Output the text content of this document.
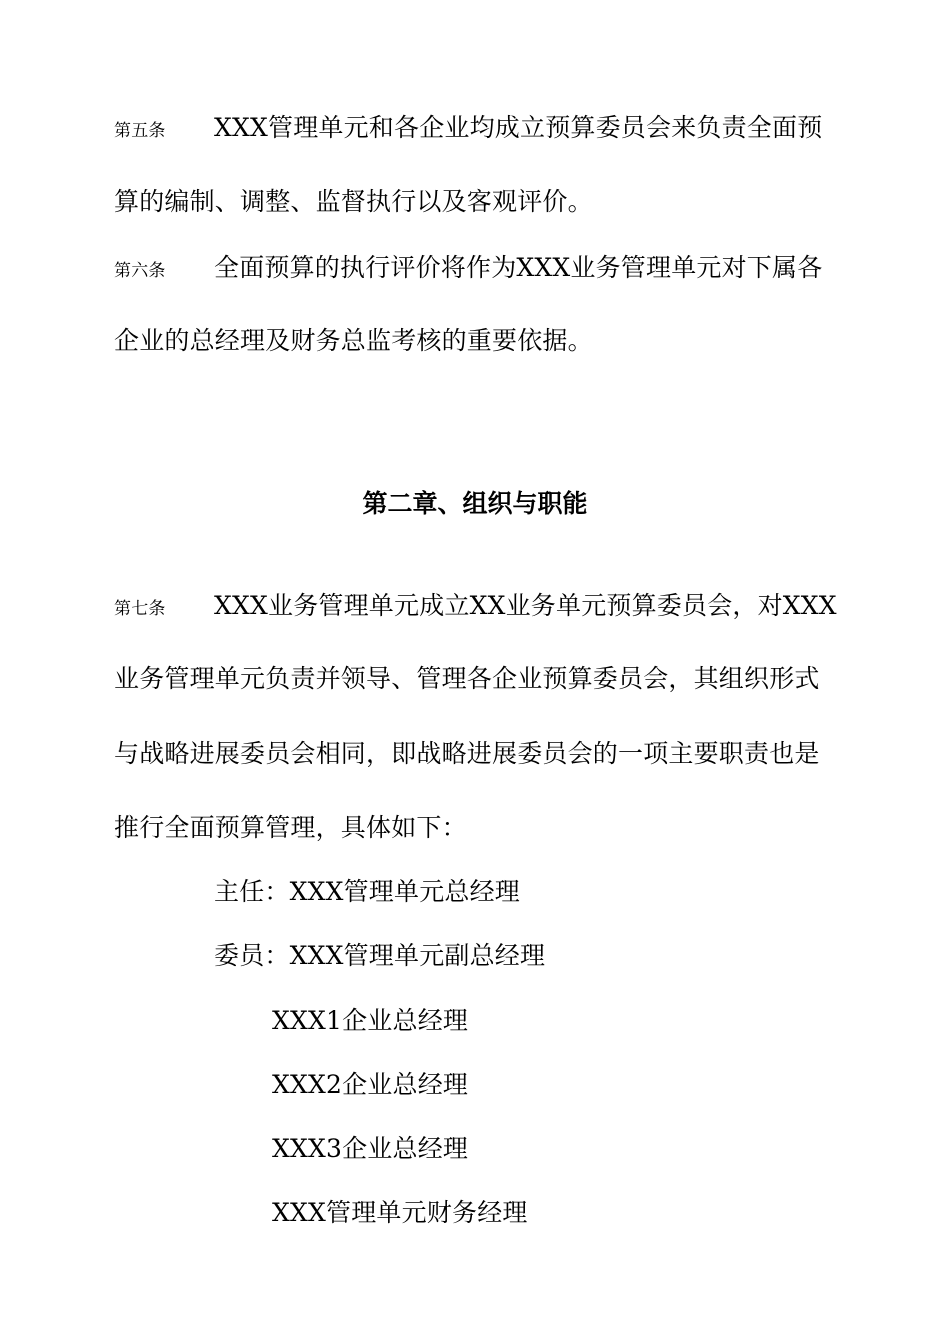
第五条 XXX管理单元和各企业均成立预算委员会来负责全面预
算的编制、调整、监督执行以及客观评价。
第六条 全面预算的执行评价将作为XXX业务管理单元对下属各
企业的总经理及财务总监考核的重要依据。
第二章、组织与职能
第七条 XXX业务管理单元成立XX业务单元预算委员会，对XXX
业务管理单元负责并领导、管理各企业预算委员会，其组织形式
与战略进展委员会相同，即战略进展委员会的一项主要职责也是
推行全面预算管理，具体如下：
主任：XXX管理单元总经理
委员：XXX管理单元副总经理
XXX1企业总经理
XXX2企业总经理
XXX3企业总经理
XXX管理单元财务经理
